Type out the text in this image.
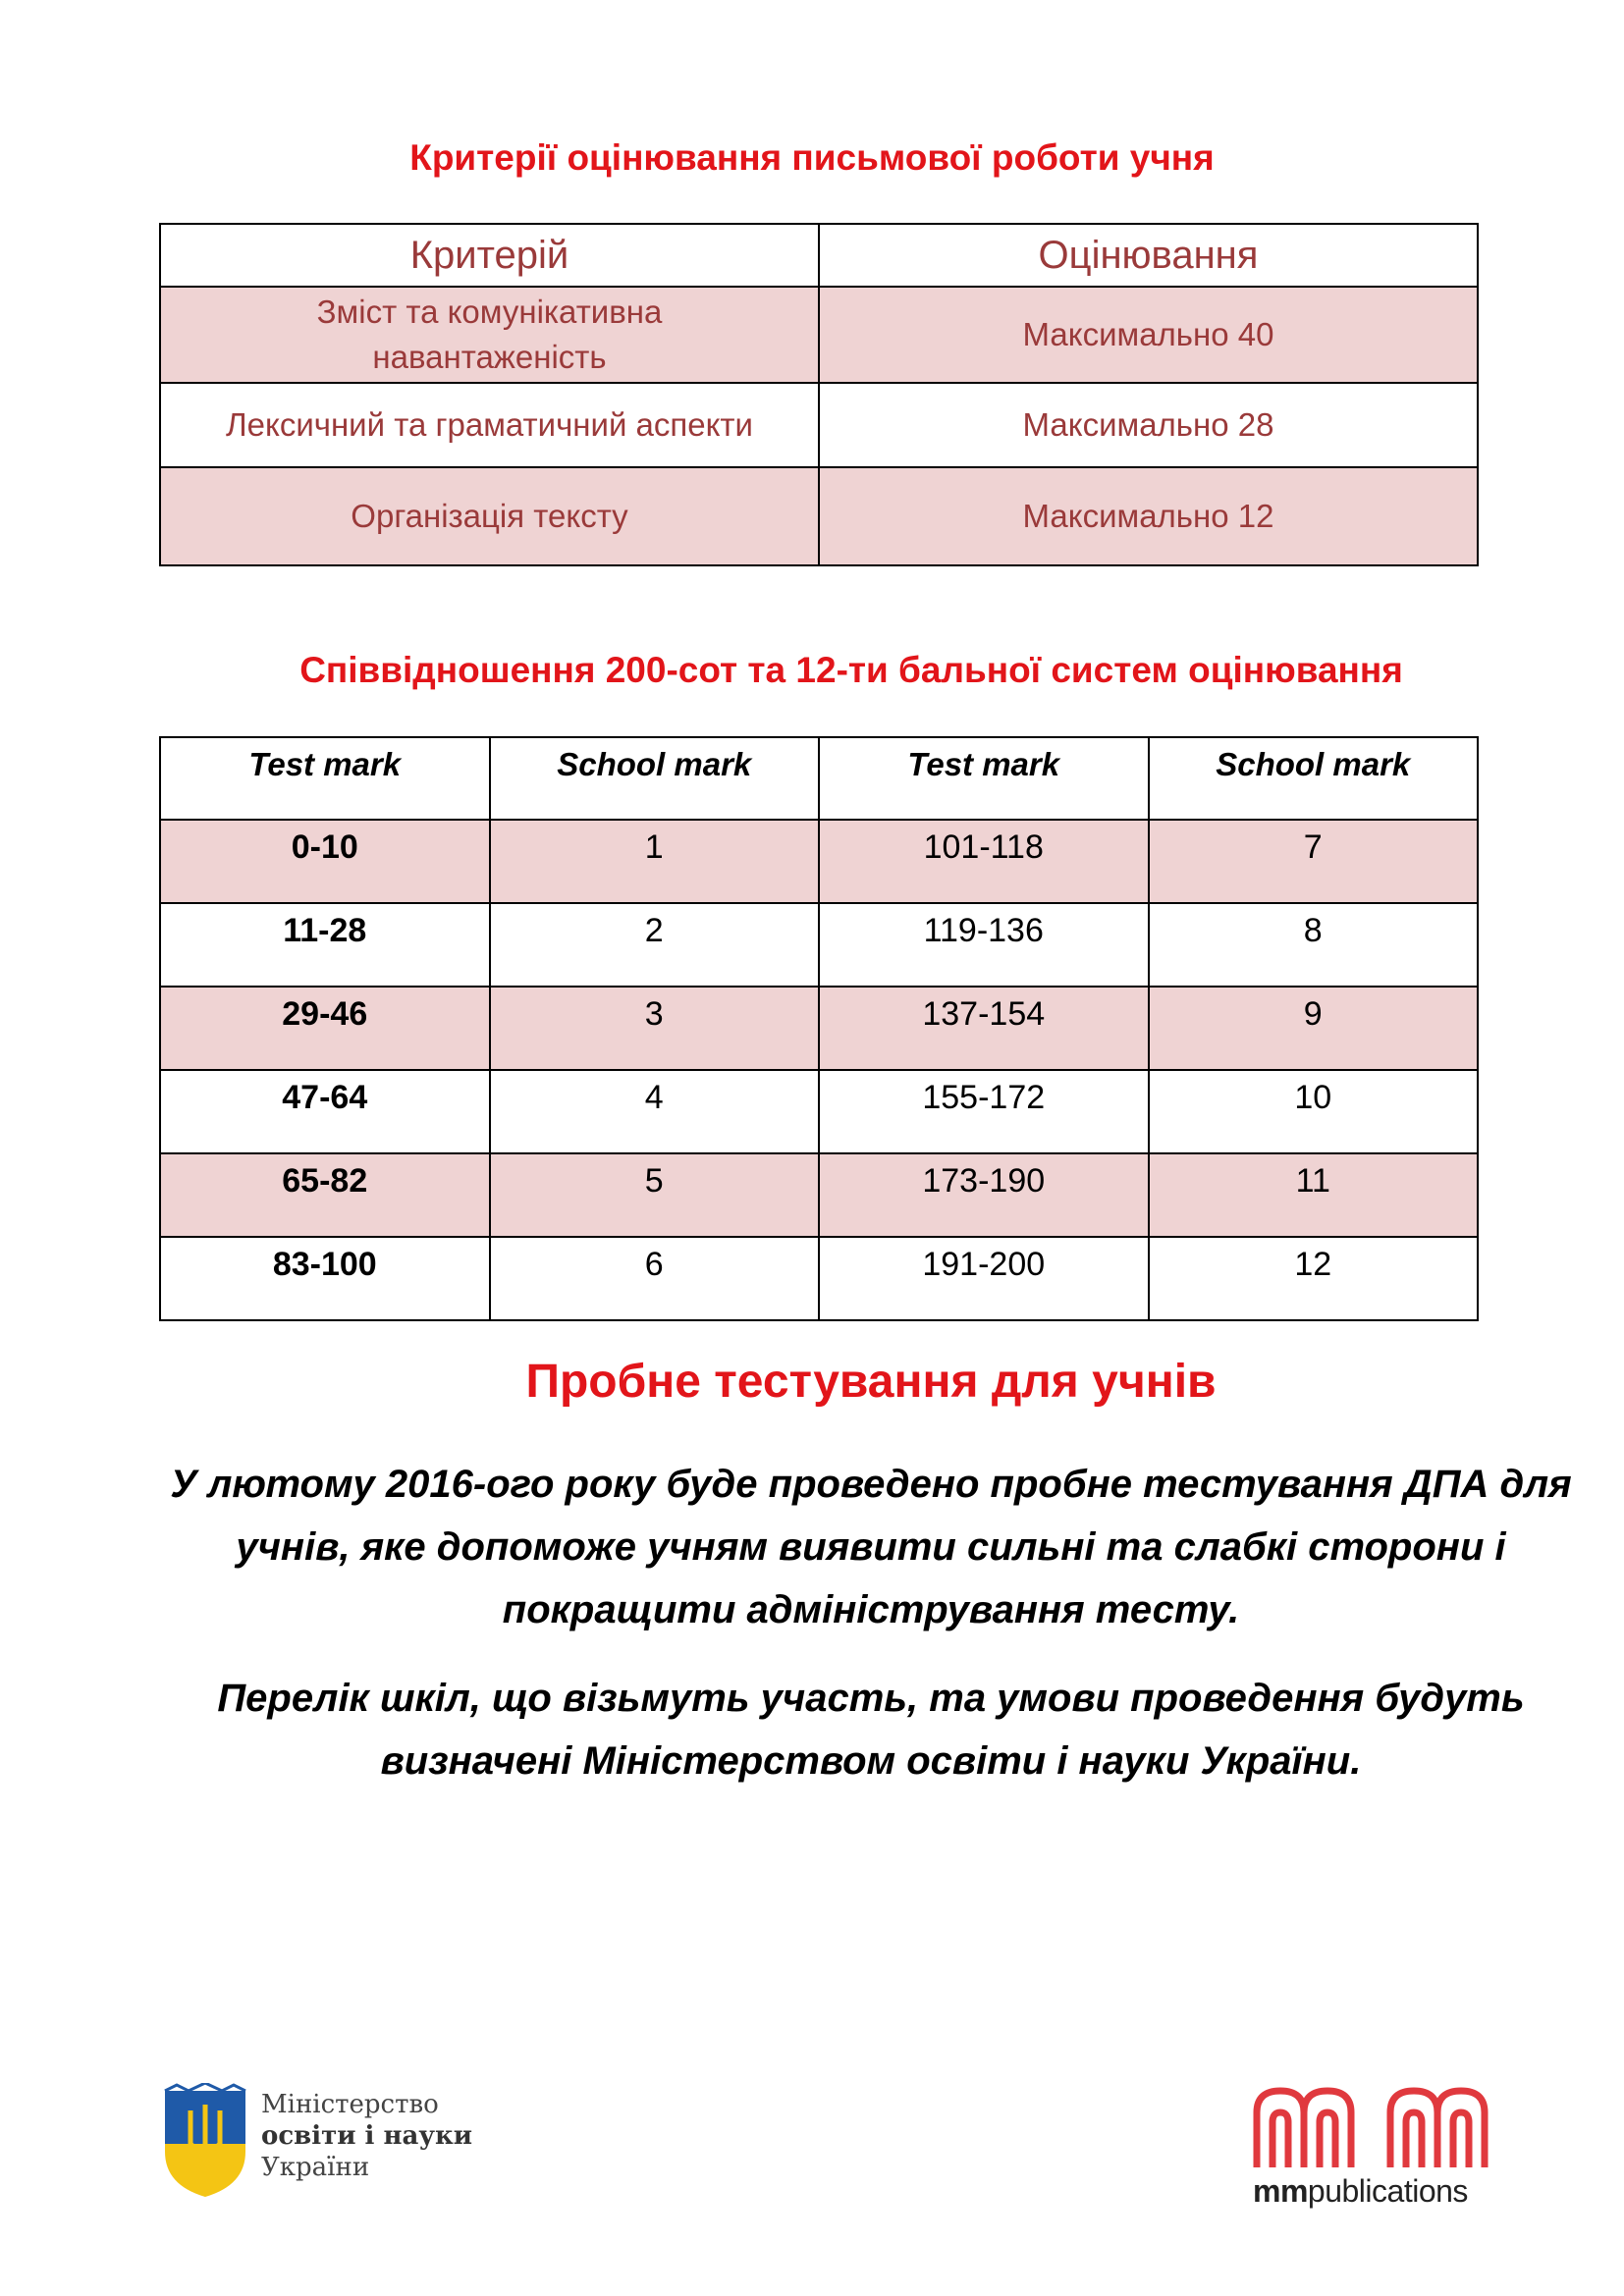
Критерії оцінювання письмової роботи учня
Критерій	Оцінювання

Зміст та комунікативна навантаженість	Максимально 40
Лексичний та граматичний аспекти	Максимально 28
Організація тексту	Максимально 12
Співвідношення 200-сот та 12-ти бальної систем оцінювання
Test mark	School mark	Test mark	School mark
0-10	1	101-118	7
11-28	2	119-136	8
29-46	3	137-154	9
47-64	4	155-172	10
65-82	5	173-190	11
83-100	6	191-200	12
Пробне тестування для учнів
У лютому 2016-ого року буде проведено пробне тестування ДПА для учнів, яке допоможе учням виявити сильні та слабкі сторони і покращити адміністрування тесту.
Перелік шкіл, що візьмуть участь, та умови проведення будуть визначені Міністерством освіти і науки України.
Міністерство
освіти і науки
України
mmpublications
